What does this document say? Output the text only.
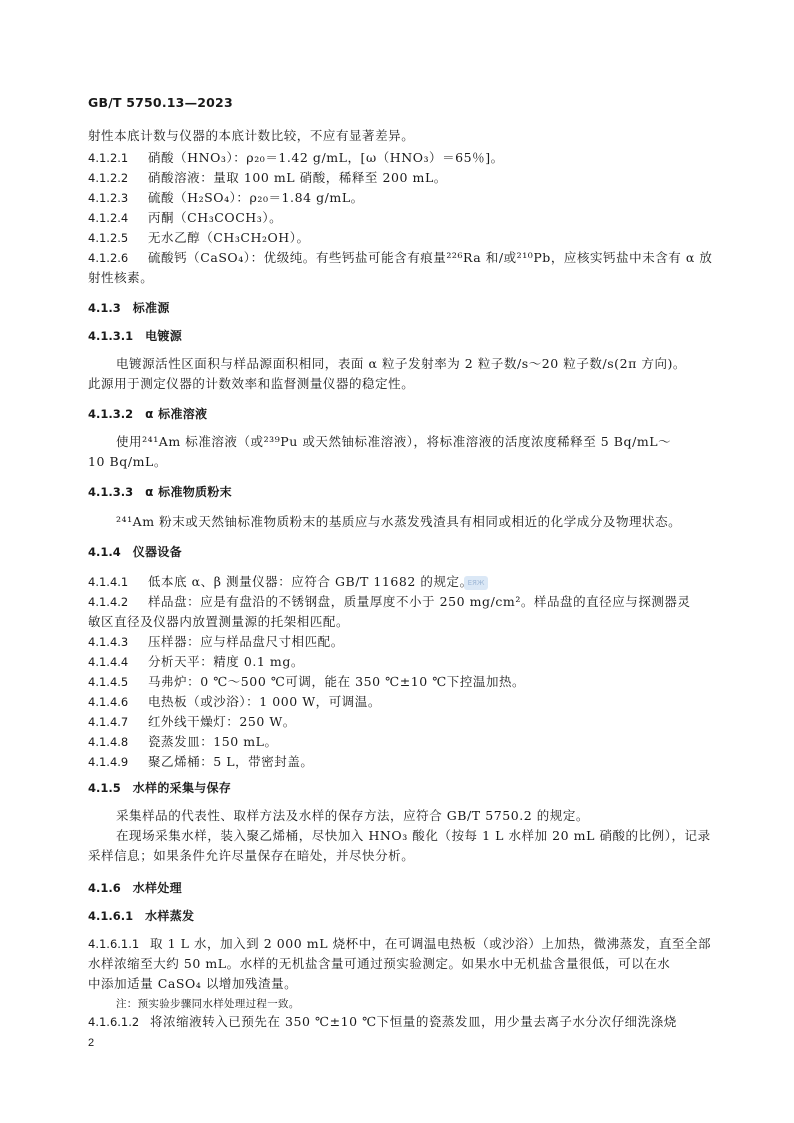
GB/T 5750.13—2023
射性本底计数与仪器的本底计数比较，不应有显著差异。
4.1.2.1 硝酸（HNO₃）：ρ₂₀＝1.42 g/mL，[ω（HNO₃）＝65％]。
4.1.2.2 硝酸溶液：量取 100 mL 硝酸，稀释至 200 mL。
4.1.2.3 硫酸（H₂SO₄）：ρ₂₀＝1.84 g/mL。
4.1.2.4 丙酮（CH₃COCH₃）。
4.1.2.5 无水乙醇（CH₃CH₂OH）。
4.1.2.6 硫酸钙（CaSO₄）：优级纯。有些钙盐可能含有痕量²²⁶Ra 和/或²¹⁰Pb，应核实钙盐中未含有 α 放
射性核素。
4.1.3 标准源
4.1.3.1 电镀源
电镀源活性区面积与样品源面积相同，表面 α 粒子发射率为 2 粒子数/s～20 粒子数/s(2π 方向)。
此源用于测定仪器的计数效率和监督测量仪器的稳定性。
4.1.3.2 α 标准溶液
使用²⁴¹Am 标准溶液（或²³⁹Pu 或天然铀标准溶液），将标准溶液的活度浓度稀释至 5 Bq/mL～
10 Bq/mL。
4.1.3.3 α 标准物质粉末
²⁴¹Am 粉末或天然铀标准物质粉末的基质应与水蒸发残渣具有相同或相近的化学成分及物理状态。
4.1.4 仪器设备
ЕЯЖ
4.1.4.1 低本底 α、β 测量仪器：应符合 GB/T 11682 的规定。
4.1.4.2 样品盘：应是有盘沿的不锈钢盘，质量厚度不小于 250 mg/cm²。样品盘的直径应与探测器灵
敏区直径及仪器内放置测量源的托架相匹配。
4.1.4.3 压样器：应与样品盘尺寸相匹配。
4.1.4.4 分析天平：精度 0.1 mg。
4.1.4.5 马弗炉：0 ℃～500 ℃可调，能在 350 ℃±10 ℃下控温加热。
4.1.4.6 电热板（或沙浴）：1 000 W，可调温。
4.1.4.7 红外线干燥灯：250 W。
4.1.4.8 瓷蒸发皿：150 mL。
4.1.4.9 聚乙烯桶：5 L，带密封盖。
4.1.5 水样的采集与保存
采集样品的代表性、取样方法及水样的保存方法，应符合 GB/T 5750.2 的规定。
在现场采集水样，装入聚乙烯桶，尽快加入 HNO₃ 酸化（按每 1 L 水样加 20 mL 硝酸的比例），记录
采样信息；如果条件允许尽量保存在暗处，并尽快分析。
4.1.6 水样处理
4.1.6.1 水样蒸发
4.1.6.1.1 取 1 L 水，加入到 2 000 mL 烧杯中，在可调温电热板（或沙浴）上加热，微沸蒸发，直至全部
水样浓缩至大约 50 mL。水样的无机盐含量可通过预实验测定。如果水中无机盐含量很低，可以在水
中添加适量 CaSO₄ 以增加残渣量。
注：预实验步骤同水样处理过程一致。
4.1.6.1.2 将浓缩液转入已预先在 350 ℃±10 ℃下恒量的瓷蒸发皿，用少量去离子水分次仔细洗涤烧
2
